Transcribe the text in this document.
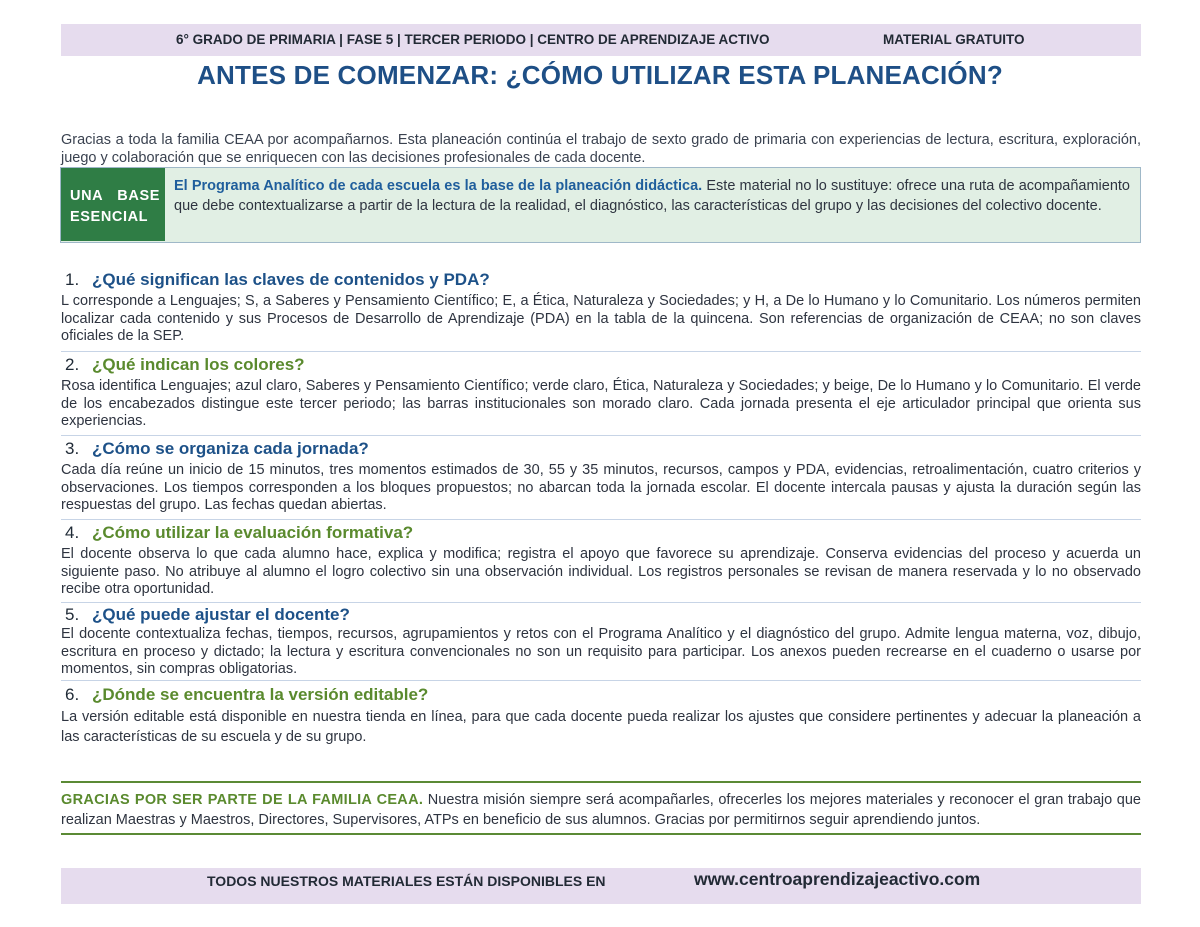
6° GRADO DE PRIMARIA | FASE 5 | TERCER PERIODO | CENTRO DE APRENDIZAJE ACTIVO	MATERIAL GRATUITO
ANTES DE COMENZAR: ¿CÓMO UTILIZAR ESTA PLANEACIÓN?
Gracias a toda la familia CEAA por acompañarnos. Esta planeación continúa el trabajo de sexto grado de primaria con experiencias de lectura, escritura, exploración, juego y colaboración que se enriquecen con las decisiones profesionales de cada docente.
UNA BASE
ESENCIAL
El Programa Analítico de cada escuela es la base de la planeación didáctica. Este material no lo sustituye: ofrece una ruta de acompañamiento que debe contextualizarse a partir de la lectura de la realidad, el diagnóstico, las características del grupo y las decisiones del colectivo docente.
1. ¿Qué significan las claves de contenidos y PDA?
L corresponde a Lenguajes; S, a Saberes y Pensamiento Científico; E, a Ética, Naturaleza y Sociedades; y H, a De lo Humano y lo Comunitario. Los números permiten localizar cada contenido y sus Procesos de Desarrollo de Aprendizaje (PDA) en la tabla de la quincena. Son referencias de organización de CEAA; no son claves oficiales de la SEP.
2. ¿Qué indican los colores?
Rosa identifica Lenguajes; azul claro, Saberes y Pensamiento Científico; verde claro, Ética, Naturaleza y Sociedades; y beige, De lo Humano y lo Comunitario. El verde de los encabezados distingue este tercer periodo; las barras institucionales son morado claro. Cada jornada presenta el eje articulador principal que orienta sus experiencias.
3. ¿Cómo se organiza cada jornada?
Cada día reúne un inicio de 15 minutos, tres momentos estimados de 30, 55 y 35 minutos, recursos, campos y PDA, evidencias, retroalimentación, cuatro criterios y observaciones. Los tiempos corresponden a los bloques propuestos; no abarcan toda la jornada escolar. El docente intercala pausas y ajusta la duración según las respuestas del grupo. Las fechas quedan abiertas.
4. ¿Cómo utilizar la evaluación formativa?
El docente observa lo que cada alumno hace, explica y modifica; registra el apoyo que favorece su aprendizaje. Conserva evidencias del proceso y acuerda un siguiente paso. No atribuye al alumno el logro colectivo sin una observación individual. Los registros personales se revisan de manera reservada y lo no observado recibe otra oportunidad.
5. ¿Qué puede ajustar el docente?
El docente contextualiza fechas, tiempos, recursos, agrupamientos y retos con el Programa Analítico y el diagnóstico del grupo. Admite lengua materna, voz, dibujo, escritura en proceso y dictado; la lectura y escritura convencionales no son un requisito para participar. Los anexos pueden recrearse en el cuaderno o usarse por momentos, sin compras obligatorias.
6. ¿Dónde se encuentra la versión editable?
La versión editable está disponible en nuestra tienda en línea, para que cada docente pueda realizar los ajustes que considere pertinentes y adecuar la planeación a las características de su escuela y de su grupo.
GRACIAS POR SER PARTE DE LA FAMILIA CEAA. Nuestra misión siempre será acompañarles, ofrecerles los mejores materiales y reconocer el gran trabajo que realizan Maestras y Maestros, Directores, Supervisores, ATPs en beneficio de sus alumnos. Gracias por permitirnos seguir aprendiendo juntos.
TODOS NUESTROS MATERIALES ESTÁN DISPONIBLES EN	www.centroaprendizajeactivo.com
